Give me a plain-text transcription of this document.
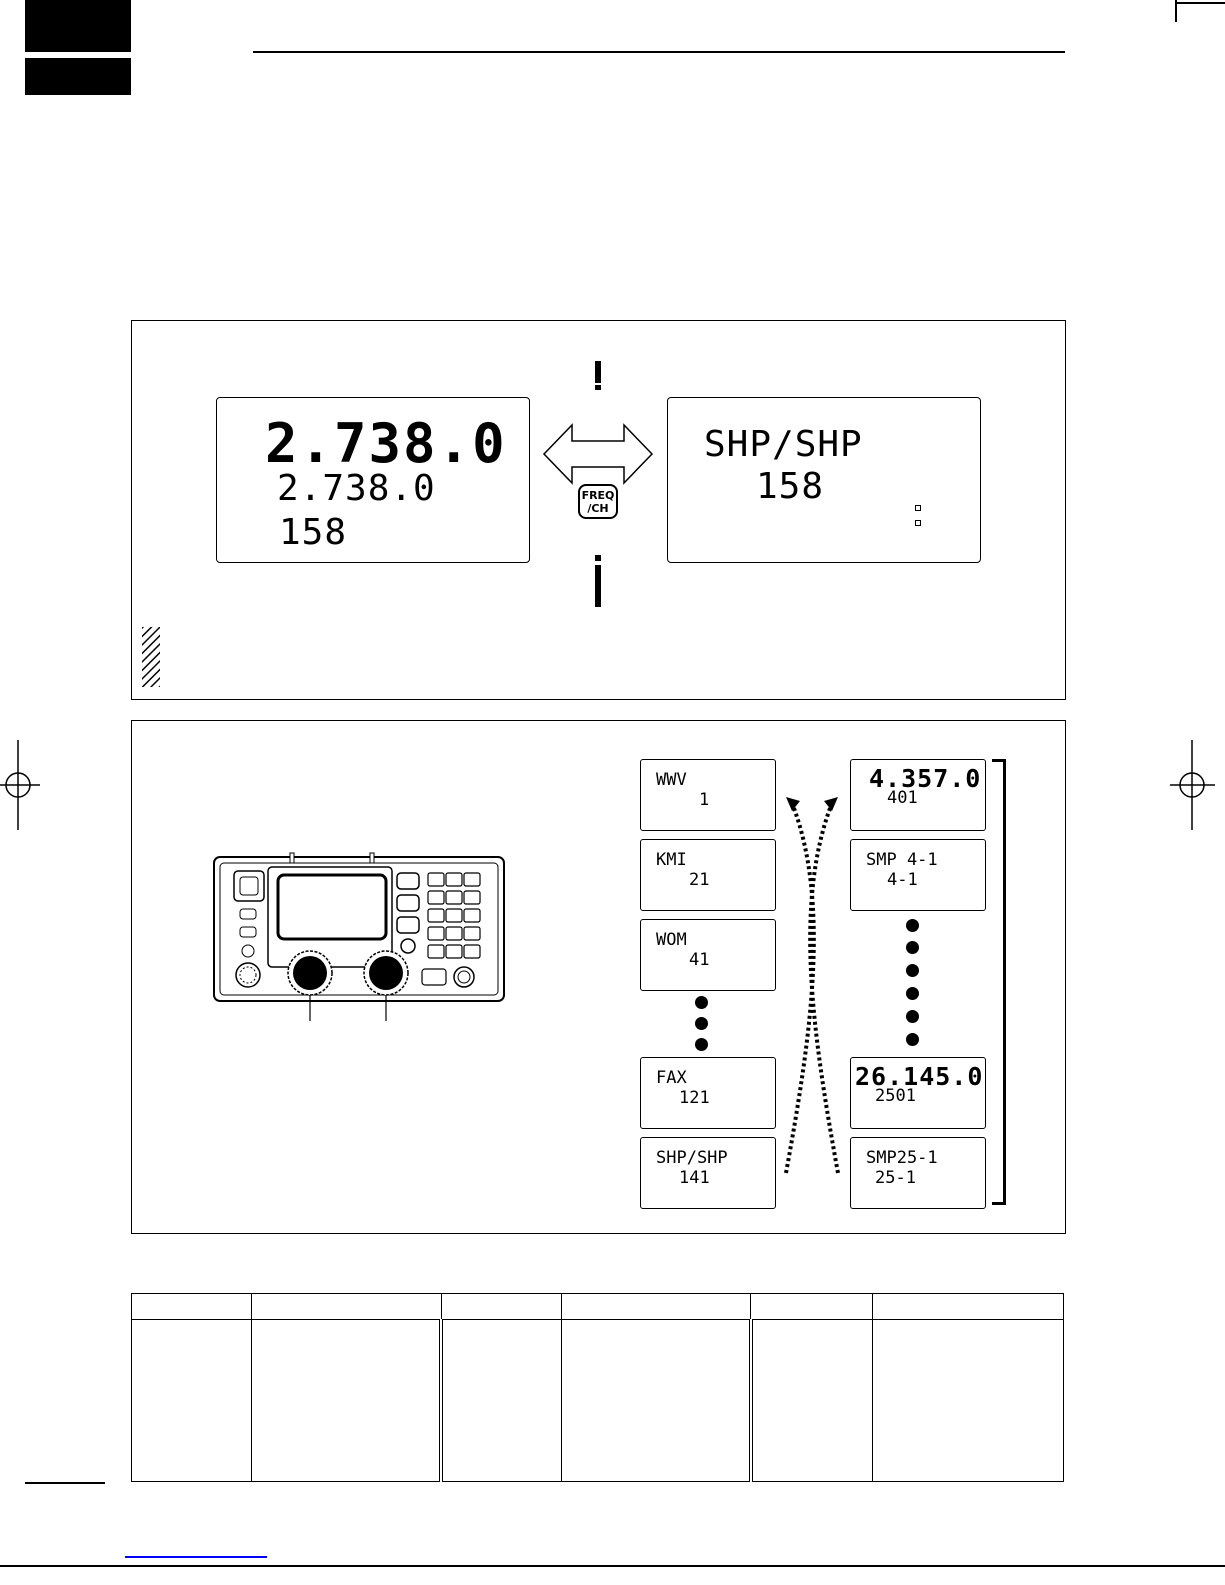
2.738.0
2.738.0
158
FREQ
/CH
SHP/SHP
158
WWV
1
KMI
21
WOM
41
FAX
121
SHP/SHP
141
4.357.0
401
SMP 4-1
4-1
26.145.0
2501
SMP25-1
25-1
